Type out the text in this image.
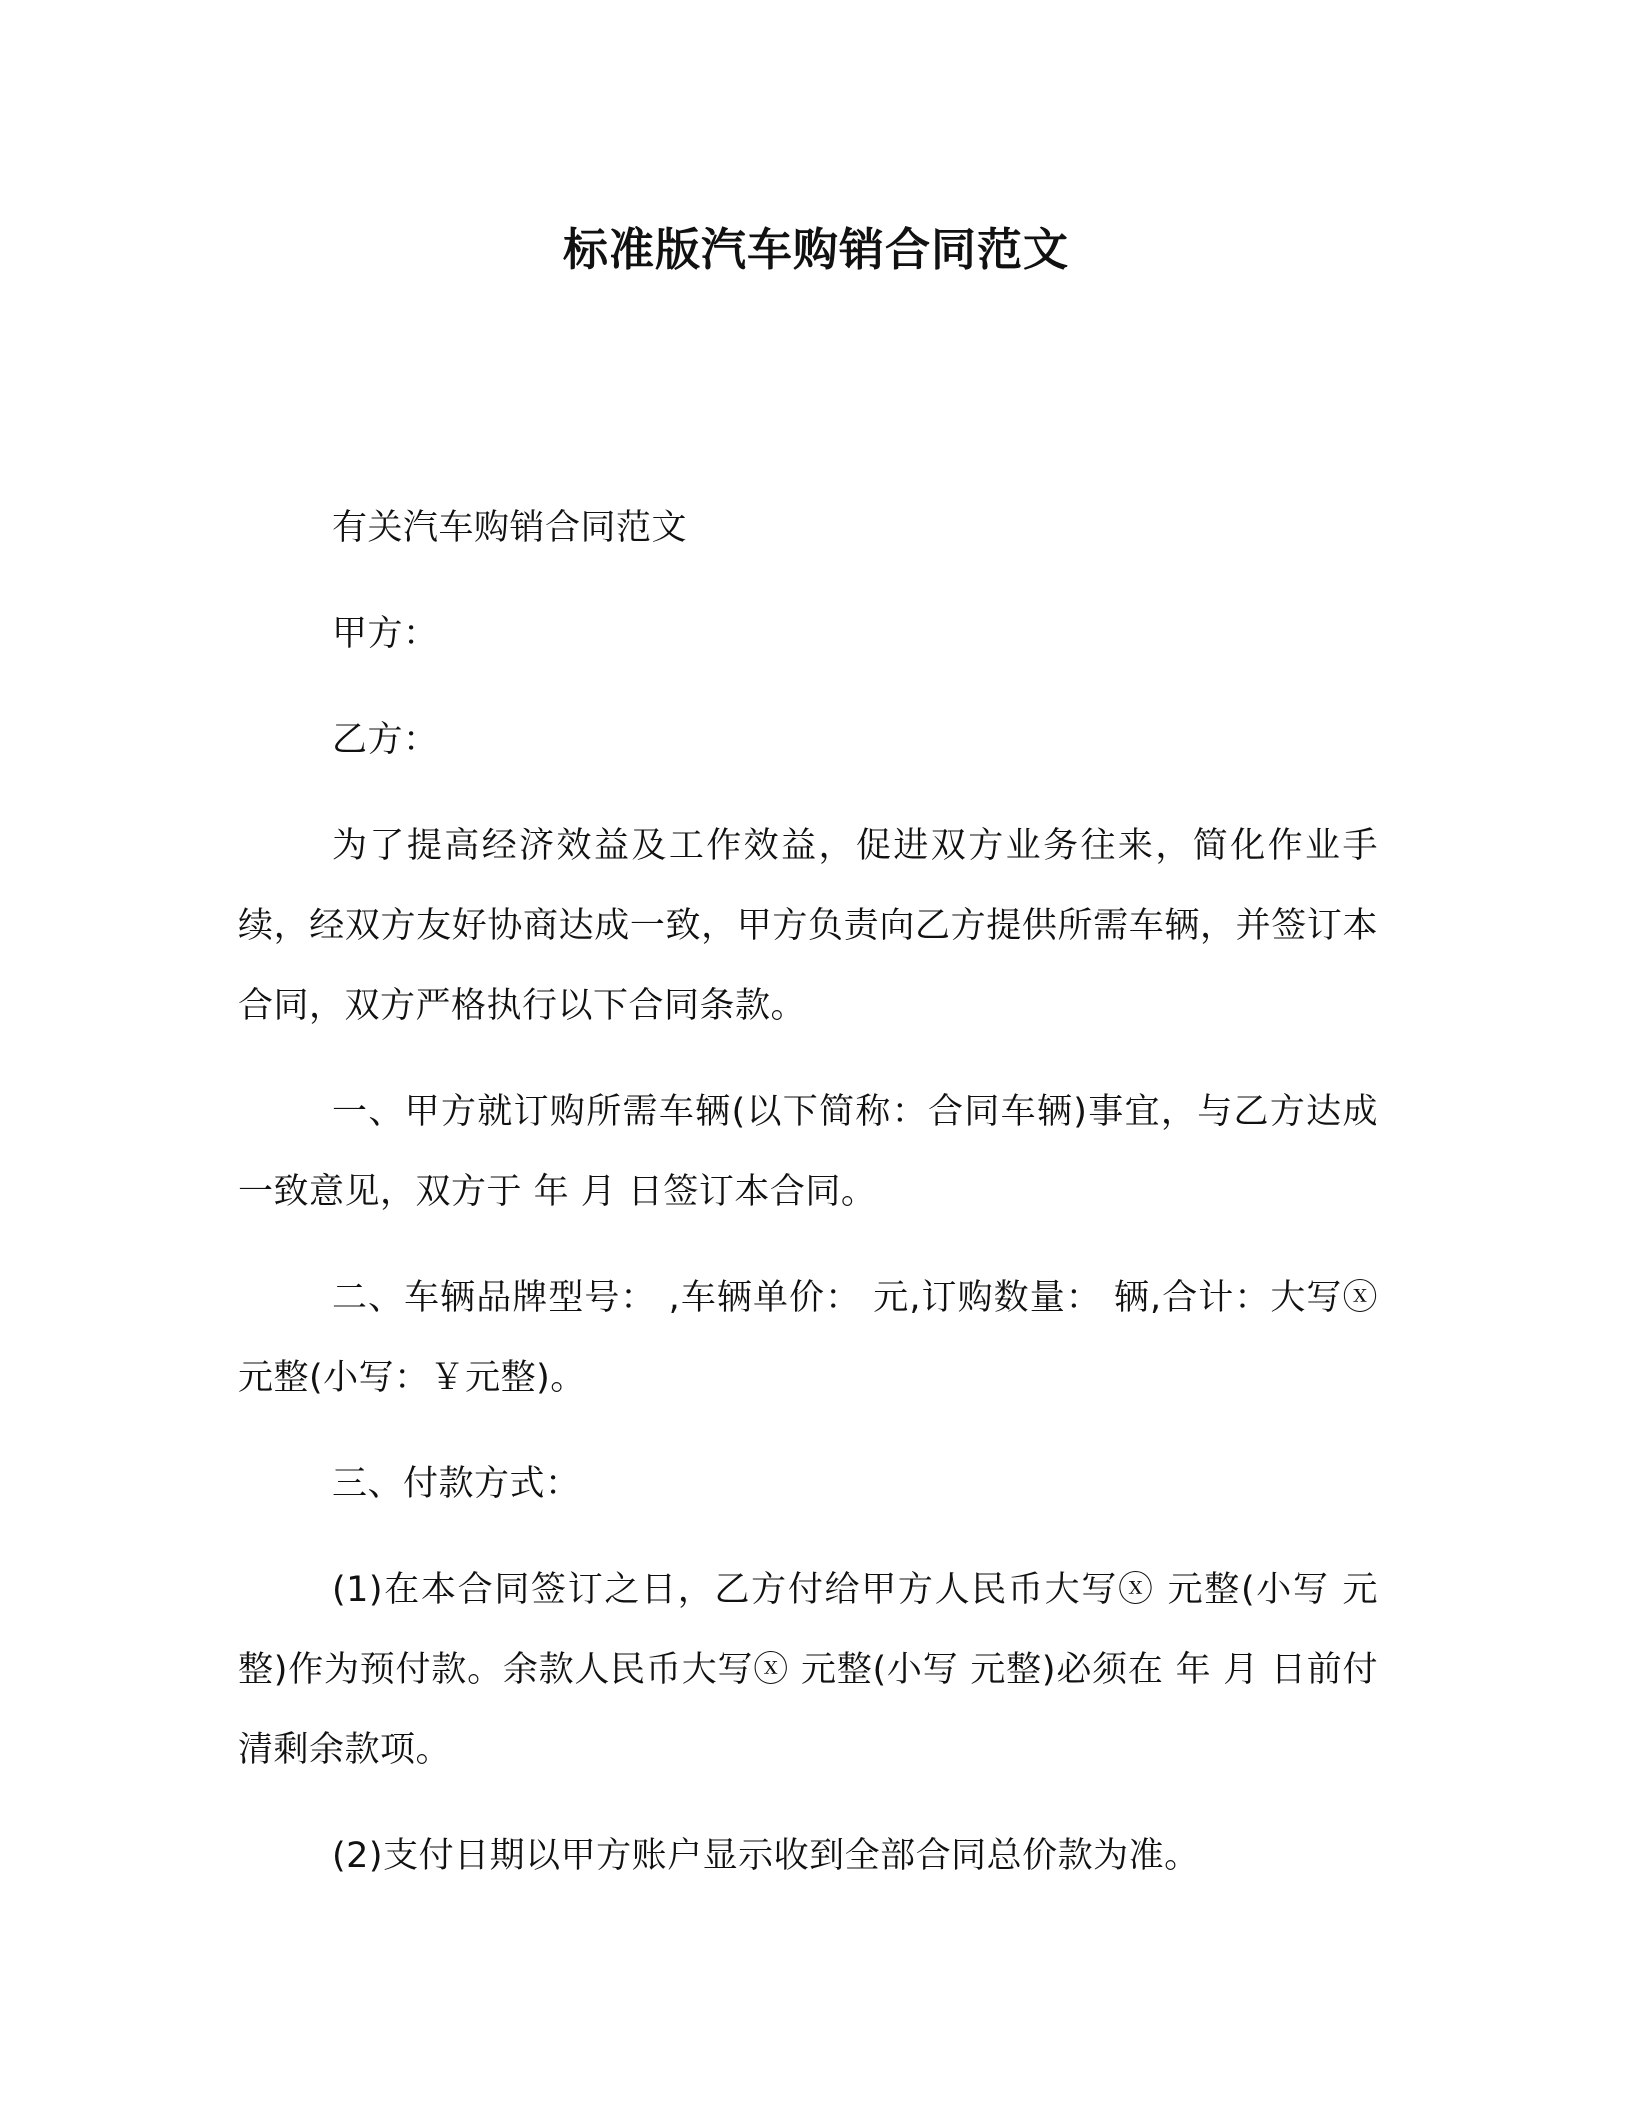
标准版汽车购销合同范文

有关汽车购销合同范文

甲方：

乙方：

为了提高经济效益及工作效益，促进双方业务往来，简化作业手续，经双方友好协商达成一致，甲方负责向乙方提供所需车辆，并签订本合同，双方严格执行以下合同条款。

一、甲方就订购所需车辆(以下简称：合同车辆)事宜，与乙方达成一致意见，双方于 年 月 日签订本合同。

二、车辆品牌型号： ,车辆单价： 元,订购数量： 辆,合计：大写ⓧ 元整(小写：￥元整)。

三、付款方式：

(1)在本合同签订之日，乙方付给甲方人民币大写ⓧ 元整(小写 元整)作为预付款。余款人民币大写ⓧ 元整(小写 元整)必须在 年 月 日前付清剩余款项。

(2)支付日期以甲方账户显示收到全部合同总价款为准。
